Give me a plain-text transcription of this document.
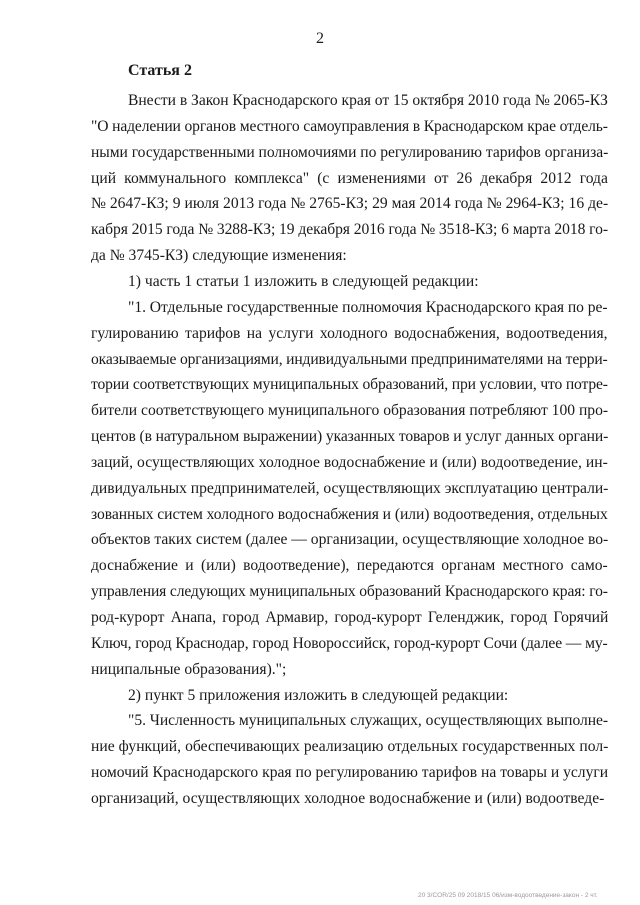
2
Статья 2
Внести в Закон Краснодарского края от 15 октября 2010 года № 2065-КЗ
"О наделении органов местного самоуправления в Краснодарском крае отдель-
ными государственными полномочиями по регулированию тарифов организа-
ций коммунального комплекса" (с изменениями от 26 декабря 2012 года
№ 2647-КЗ; 9 июля 2013 года № 2765-КЗ; 29 мая 2014 года № 2964-КЗ; 16 де-
кабря 2015 года № 3288-КЗ; 19 декабря 2016 года № 3518-КЗ; 6 марта 2018 го-
да № 3745-КЗ) следующие изменения:
1) часть 1 статьи 1 изложить в следующей редакции:
"1. Отдельные государственные полномочия Краснодарского края по ре-
гулированию тарифов на услуги холодного водоснабжения, водоотведения,
оказываемые организациями, индивидуальными предпринимателями на терри-
тории соответствующих муниципальных образований, при условии, что потре-
бители соответствующего муниципального образования потребляют 100 про-
центов (в натуральном выражении) указанных товаров и услуг данных органи-
заций, осуществляющих холодное водоснабжение и (или) водоотведение, ин-
дивидуальных предпринимателей, осуществляющих эксплуатацию централи-
зованных систем холодного водоснабжения и (или) водоотведения, отдельных
объектов таких систем (далее — организации, осуществляющие холодное во-
доснабжение и (или) водоотведение), передаются органам местного само-
управления следующих муниципальных образований Краснодарского края: го-
род-курорт Анапа, город Армавир, город-курорт Геленджик, город Горячий
Ключ, город Краснодар, город Новороссийск, город-курорт Сочи (далее — му-
ниципальные образования).";
2) пункт 5 приложения изложить в следующей редакции:
"5. Численность муниципальных служащих, осуществляющих выполне-
ние функций, обеспечивающих реализацию отдельных государственных пол-
номочий Краснодарского края по регулированию тарифов на товары и услуги
организаций, осуществляющих холодное водоснабжение и (или) водоотведе-
20 3/COR/25 09 2018/15 06/изм-водоотведение-закон - 2 чт.
